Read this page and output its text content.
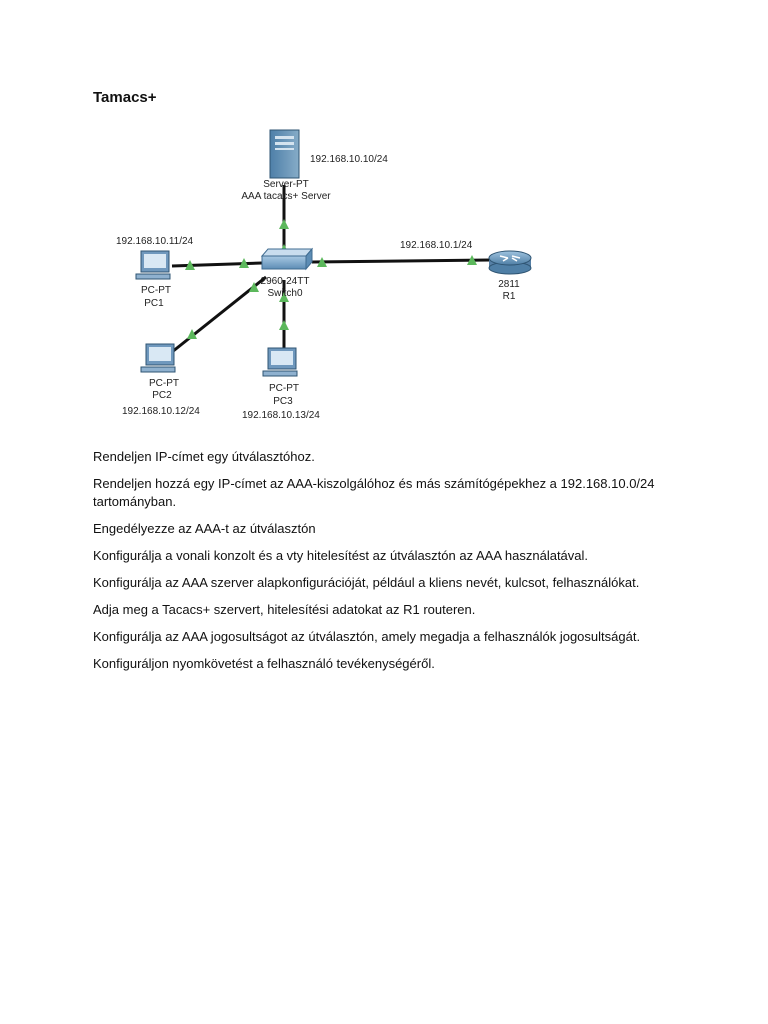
Tamacs+
192.168.10.10/24
Server-PT
AAA tacacs+ Server
2960-24TT
Switch0
192.168.10.1/24
2811
R1
192.168.10.11/24
PC-PT
PC1
PC-PT
PC2
192.168.10.12/24
PC-PT
PC3
192.168.10.13/24

Rendeljen IP-címet egy útválasztóhoz.

Rendeljen hozzá egy IP-címet az AAA-kiszolgálóhoz és más számítógépekhez a 192.168.10.0/24 tartományban.

Engedélyezze az AAA-t az útválasztón

Konfigurálja a vonali konzolt és a vty hitelesítést az útválasztón az AAA használatával.

Konfigurálja az AAA szerver alapkonfigurációját, például a kliens nevét, kulcsot, felhasználókat.

Adja meg a Tacacs+ szervert, hitelesítési adatokat az R1 routeren.

Konfigurálja az AAA jogosultságot az útválasztón, amely megadja a felhasználók jogosultságát.

Konfiguráljon nyomkövetést a felhasználó tevékenységéről.
